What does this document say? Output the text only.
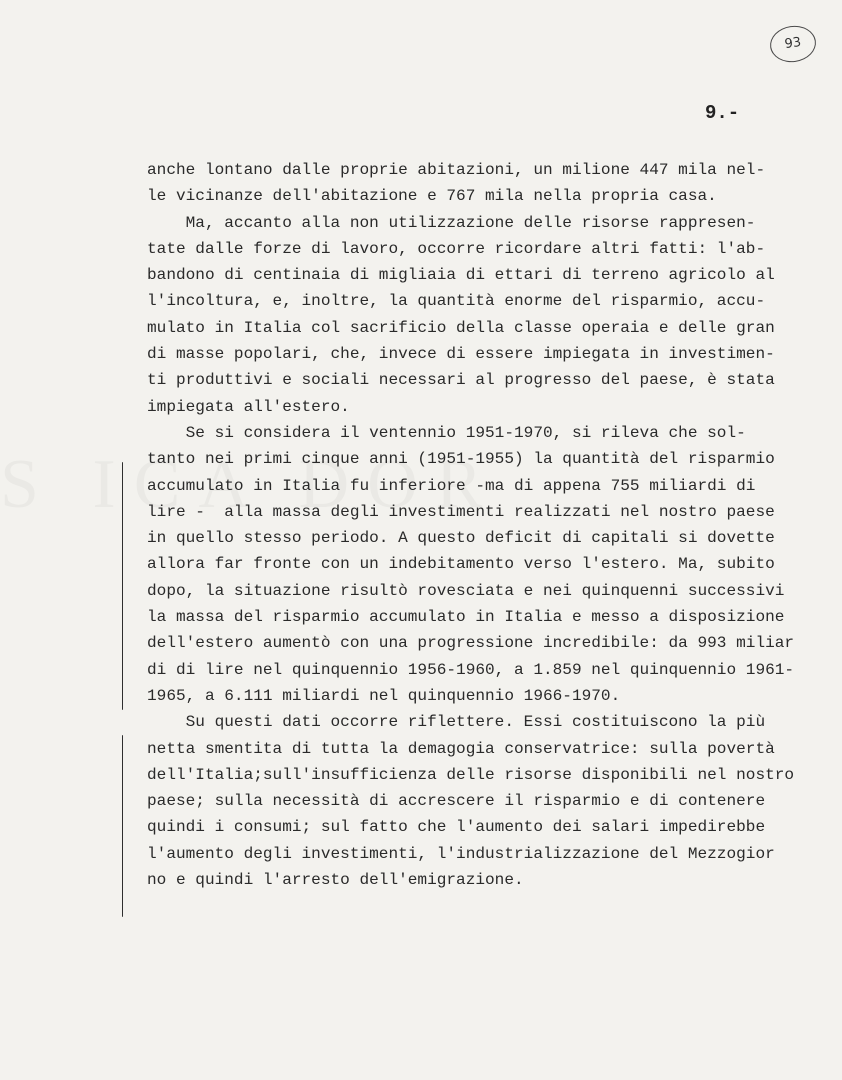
93
9.-
anche lontano dalle proprie abitazioni, un milione 447 mila nel-
le vicinanze dell'abitazione e 767 mila nella propria casa.
Ma, accanto alla non utilizzazione delle risorse rappresen-
tate dalle forze di lavoro, occorre ricordare altri fatti: l'ab-
bandono di centinaia di migliaia di ettari di terreno agricolo al
l'incoltura, e, inoltre, la quantità enorme del risparmio, accu-
mulato in Italia col sacrificio della classe operaia e delle gran
di masse popolari, che, invece di essere impiegata in investimen-
ti produttivi e sociali necessari al progresso del paese, è stata
impiegata all'estero.
Se si considera il ventennio 1951-1970, si rileva che sol-
tanto nei primi cinque anni (1951-1955) la quantità del risparmio
accumulato in Italia fu inferiore -ma di appena 755 miliardi di
lire -  alla massa degli investimenti realizzati nel nostro paese
in quello stesso periodo. A questo deficit di capitali si dovette
allora far fronte con un indebitamento verso l'estero. Ma, subito
dopo, la situazione risultò rovesciata e nei quinquenni successivi
la massa del risparmio accumulato in Italia e messo a disposizione
dell'estero aumentò con una progressione incredibile: da 993 miliar
di di lire nel quinquennio 1956-1960, a 1.859 nel quinquennio 1961-
1965, a 6.111 miliardi nel quinquennio 1966-1970.
Su questi dati occorre riflettere. Essi costituiscono la più
netta smentita di tutta la demagogia conservatrice: sulla povertà
dell'Italia;sull'insufficienza delle risorse disponibili nel nostro
paese; sulla necessità di accrescere il risparmio e di contenere
quindi i consumi; sul fatto che l'aumento dei salari impedirebbe
l'aumento degli investimenti, l'industrializzazione del Mezzogior
no e quindi l'arresto dell'emigrazione.
